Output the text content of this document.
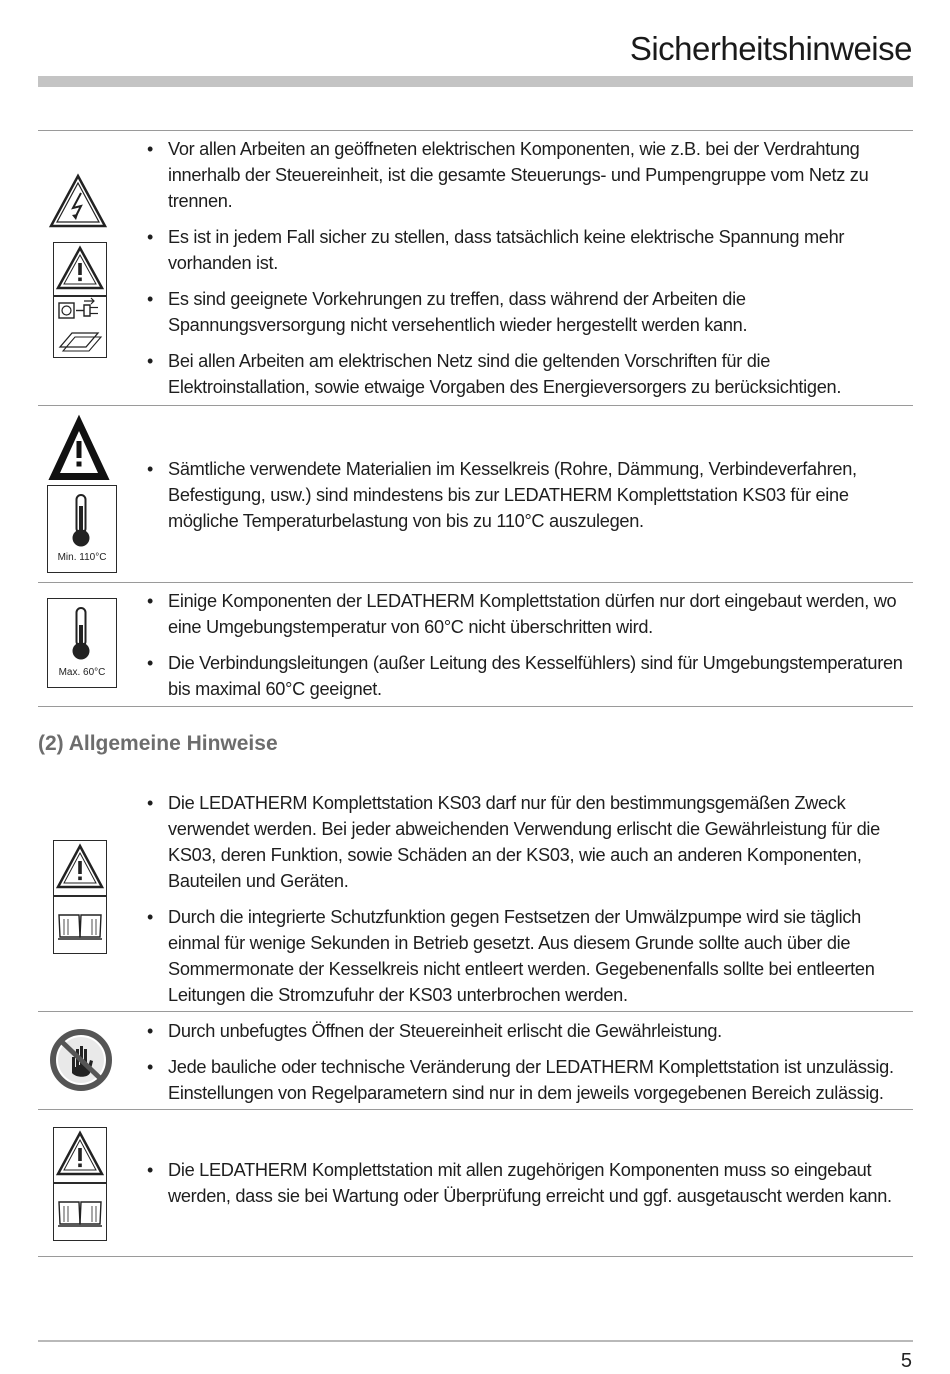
Sicherheitshinweise
• Vor allen Arbeiten an geöffneten elektrischen Komponenten, wie z.B. bei der Verdrahtung innerhalb der Steuereinheit, ist die gesamte Steuerungs- und Pumpengruppe vom Netz zu trennen.
• Es ist in jedem Fall sicher zu stellen, dass tatsächlich keine elektrische Spannung mehr vorhanden ist.
• Es sind geeignete Vorkehrungen zu treffen, dass während der Arbeiten die Spannungsversorgung nicht versehentlich wieder hergestellt werden kann.
• Bei allen Arbeiten am elektrischen Netz sind die geltenden Vorschriften für die Elektroinstallation, sowie etwaige Vorgaben des Energieversorgers zu berücksichtigen.
Min. 110°C
• Sämtliche verwendete Materialien im Kesselkreis (Rohre, Dämmung, Verbindeverfahren, Befestigung, usw.) sind mindestens bis zur LEDATHERM Komplettstation KS03 für eine mögliche Temperaturbelastung von bis zu 110°C auszulegen.
Max. 60°C
• Einige Komponenten der LEDATHERM Komplettstation dürfen nur dort eingebaut werden, wo eine Umgebungstemperatur von 60°C nicht überschritten wird.
• Die Verbindungsleitungen (außer Leitung des Kesselfühlers) sind für Umgebungstemperaturen bis maximal 60°C geeignet.
(2) Allgemeine Hinweise
• Die LEDATHERM Komplettstation KS03 darf nur für den bestimmungsgemäßen Zweck verwendet werden. Bei jeder abweichenden Verwendung erlischt die Gewährleistung für die KS03, deren Funktion, sowie Schäden an der KS03, wie auch an anderen Komponenten, Bauteilen und Geräten.
• Durch die integrierte Schutzfunktion gegen Festsetzen der Umwälzpumpe wird sie täglich einmal für wenige Sekunden in Betrieb gesetzt. Aus diesem Grunde sollte auch über die Sommermonate der Kesselkreis nicht entleert werden. Gegebenenfalls sollte bei entleerten Leitungen die Stromzufuhr der KS03 unterbrochen werden.
• Durch unbefugtes Öffnen der Steuereinheit erlischt die Gewährleistung.
• Jede bauliche oder technische Veränderung der LEDATHERM Komplettstation ist unzulässig. Einstellungen von Regelparametern sind nur in dem jeweils vorgegebenen Bereich zulässig.
• Die LEDATHERM Komplettstation mit allen zugehörigen Komponenten muss so eingebaut werden, dass sie bei Wartung oder Überprüfung erreicht und ggf. ausgetauscht werden kann.
5
